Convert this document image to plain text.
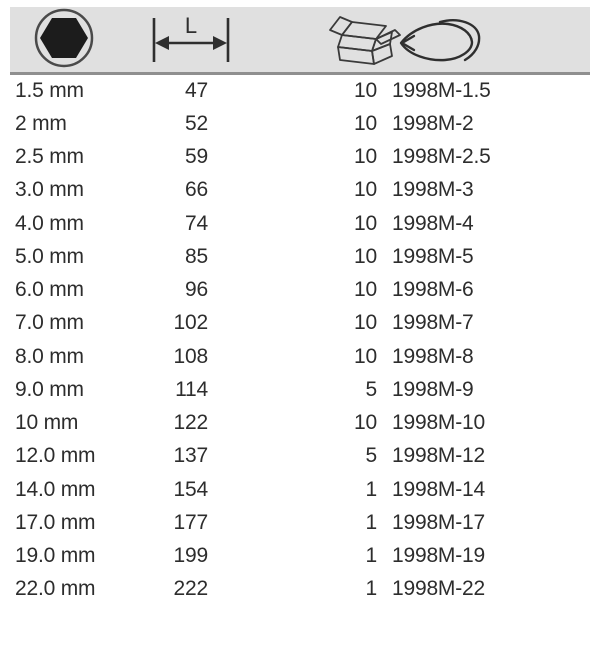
L
1.5 mm	47	10 1998M-1.5
2 mm	52	10 1998M-2
2.5 mm	59	10 1998M-2.5
3.0 mm	66	10 1998M-3
4.0 mm	74	10 1998M-4
5.0 mm	85	10 1998M-5
6.0 mm	96	10 1998M-6
7.0 mm	102	10 1998M-7
8.0 mm	108	10 1998M-8
9.0 mm	114	5 1998M-9
10 mm	122	10 1998M-10
12.0 mm	137	5 1998M-12
14.0 mm	154	1 1998M-14
17.0 mm	177	1 1998M-17
19.0 mm	199	1 1998M-19
22.0 mm	222	1 1998M-22
